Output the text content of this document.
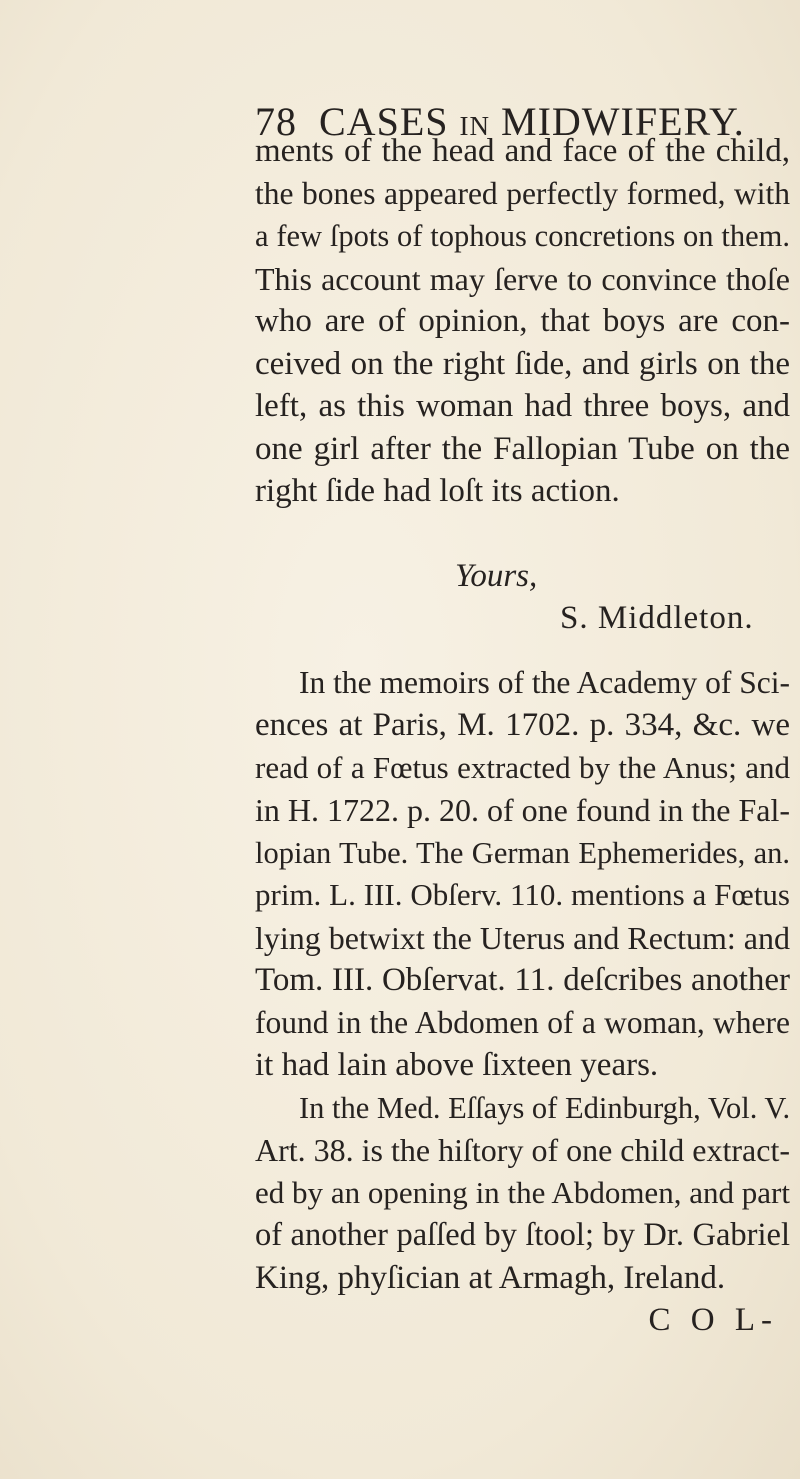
78 CASES IN MIDWIFERY.
ments of the head and face of the child,
the bones appeared perfectly formed, with
a few ſpots of tophous concretions on them.
This account may ſerve to convince thoſe
who are of opinion, that boys are con-
ceived on the right ſide, and girls on the
left, as this woman had three boys, and
one girl after the Fallopian Tube on the
right ſide had loſt its action.
Yours,
S. Middleton.
In the memoirs of the Academy of Sci-
ences at Paris, M. 1702. p. 334, &c. we
read of a Fœtus extracted by the Anus; and
in H. 1722. p. 20. of one found in the Fal-
lopian Tube. The German Ephemerides, an.
prim. L. III. Obſerv. 110. mentions a Fœtus
lying betwixt the Uterus and Rectum: and
Tom. III. Obſervat. 11. deſcribes another
found in the Abdomen of a woman, where
it had lain above ſixteen years.
In the Med. Eſſays of Edinburgh, Vol. V.
Art. 38. is the hiſtory of one child extract-
ed by an opening in the Abdomen, and part
of another paſſed by ſtool; by Dr. Gabriel
King, phyſician at Armagh, Ireland.
C O L-
